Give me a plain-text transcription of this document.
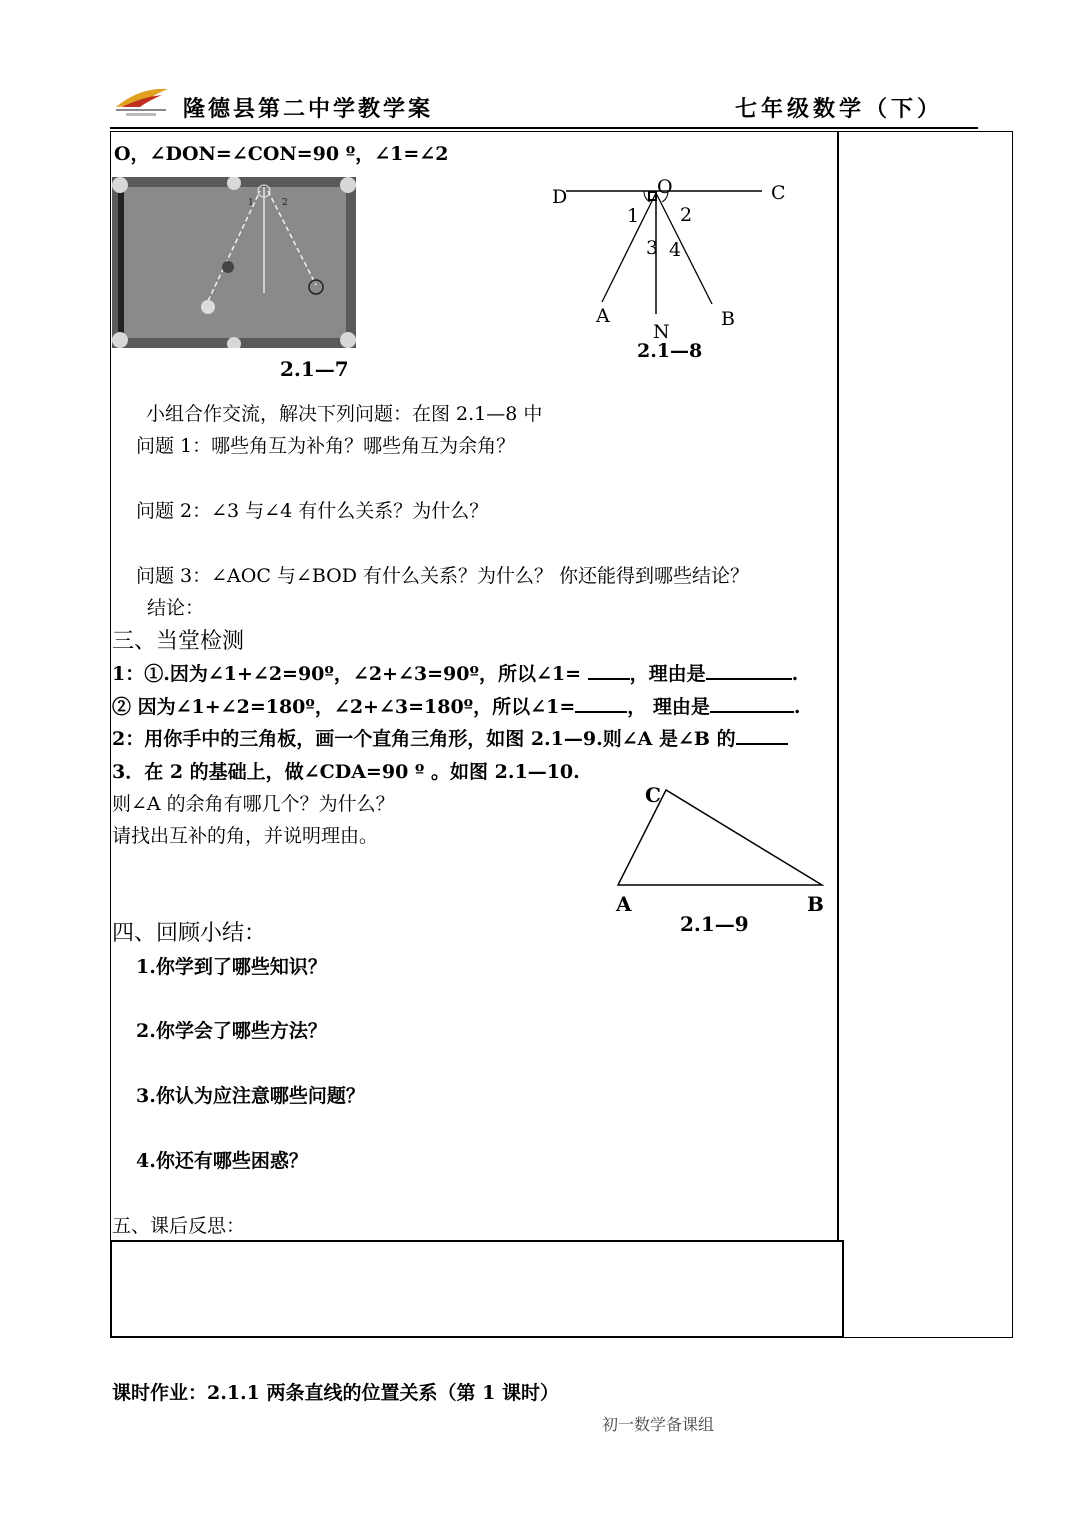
隆德县第二中学教学案	七年级数学（下）
O，∠DON=∠CON=90 º，∠1=∠2
1	2
2.1—7
D	O	C
1 2
3 4
A
N
B
2.1—8
小组合作交流，解决下列问题：在图 2.1—8 中
问题 1：哪些角互为补角？哪些角互为余角？
问题 2：∠3 与∠4 有什么关系？为什么？
问题 3：∠AOC 与∠BOD 有什么关系？为什么？ 你还能得到哪些结论？
结论：
三、当堂检测
1：①.因为∠1+∠2=90º，∠2+∠3=90º，所以∠1=	，理由是	.
② 因为∠1+∠2=180º，∠2+∠3=180º，所以∠1=	， 理由是	.
2：用你手中的三角板，画一个直角三角形，如图 2.1—9.则∠A 是∠B 的
3．在 2 的基础上，做∠CDA=90 º 。如图 2.1—10.
则∠A 的余角有哪几个？为什么？
请找出互补的角，并说明理由。
C
A	B
2.1—9
四、回顾小结：
1.你学到了哪些知识？
2.你学会了哪些方法？
3.你认为应注意哪些问题？
4.你还有哪些困惑？
五、课后反思：
课时作业：2.1.1 两条直线的位置关系（第 1 课时）
初一数学备课组
